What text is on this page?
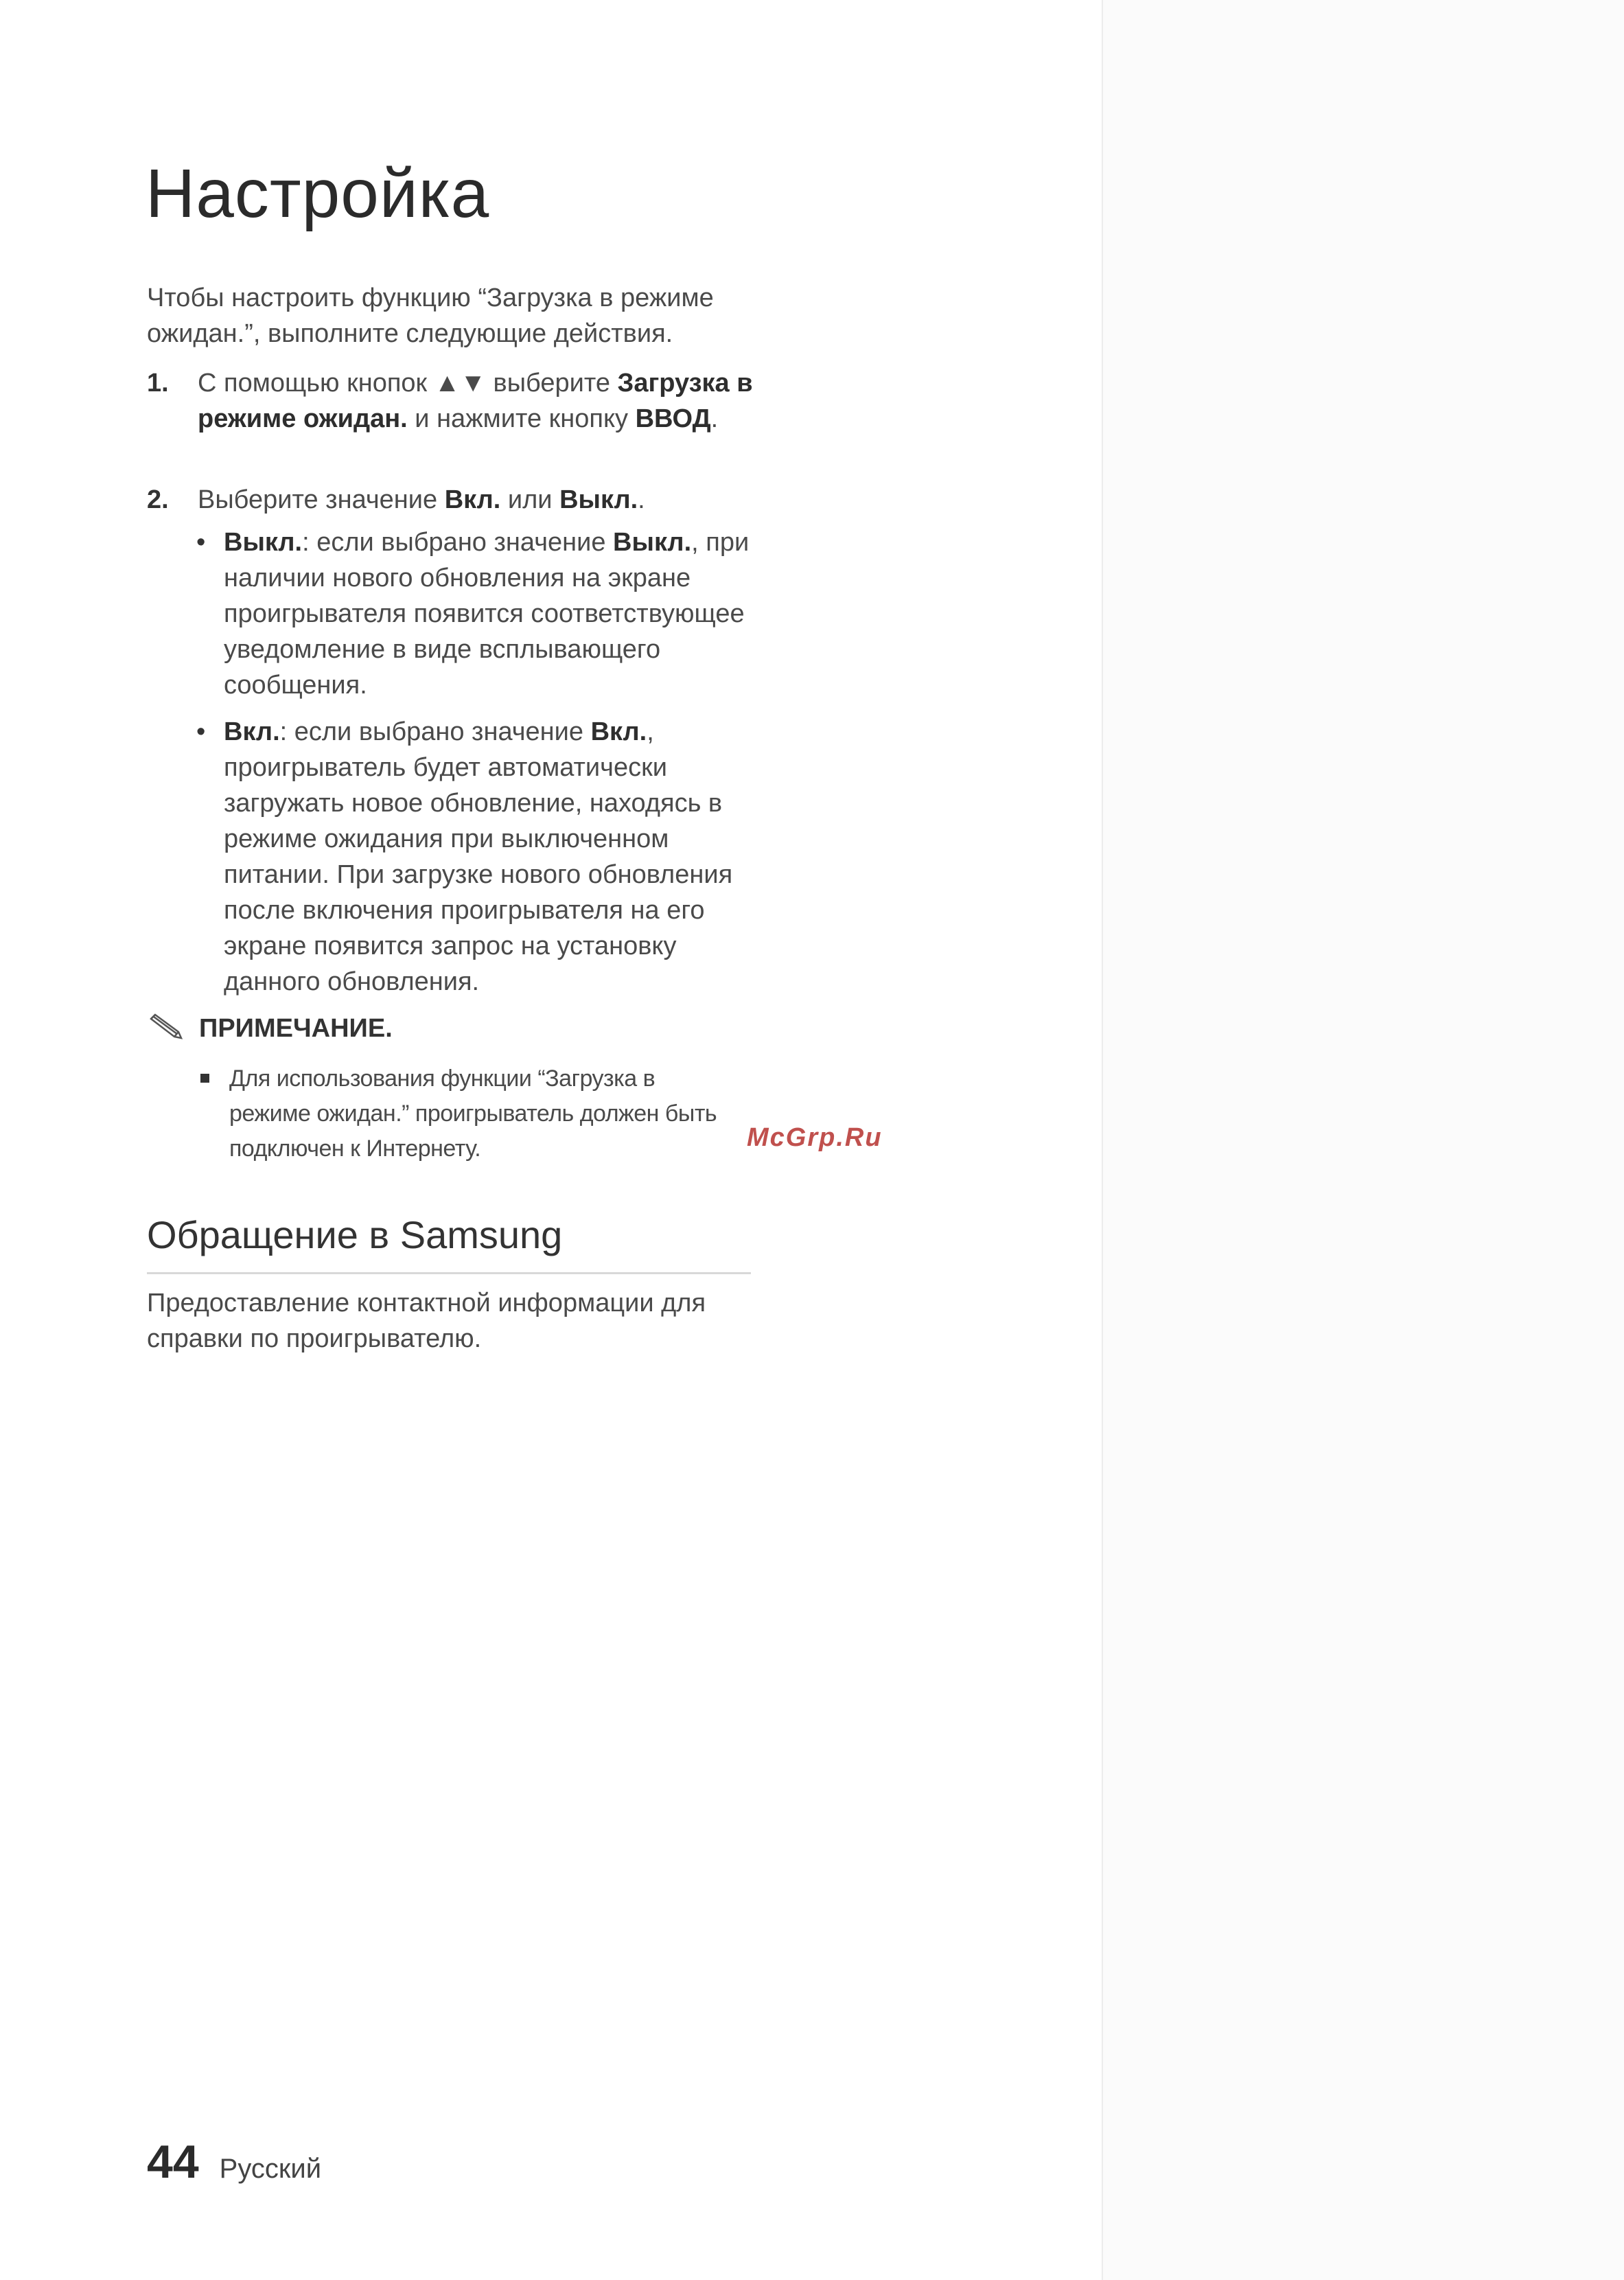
Настройка
Чтобы настроить функцию “Загрузка в режиме ожидан.”, выполните следующие действия.
1. С помощью кнопок ▲▼ выберите Загрузка в режиме ожидан. и нажмите кнопку ВВОД.
2. Выберите значение Вкл. или Выкл..
• Выкл.: если выбрано значение Выкл., при наличии нового обновления на экране проигрывателя появится соответствующее уведомление в виде всплывающего сообщения.
• Вкл.: если выбрано значение Вкл., проигрыватель будет автоматически загружать новое обновление, находясь в режиме ожидания при выключенном питании. При загрузке нового обновления после включения проигрывателя на его экране появится запрос на установку данного обновления.
ПРИМЕЧАНИЕ.
Для использования функции “Загрузка в режиме ожидан.” проигрыватель должен быть подключен к Интернету.	McGrp.Ru
Обращение в Samsung
Предоставление контактной информации для справки по проигрывателю.
44 Русский
